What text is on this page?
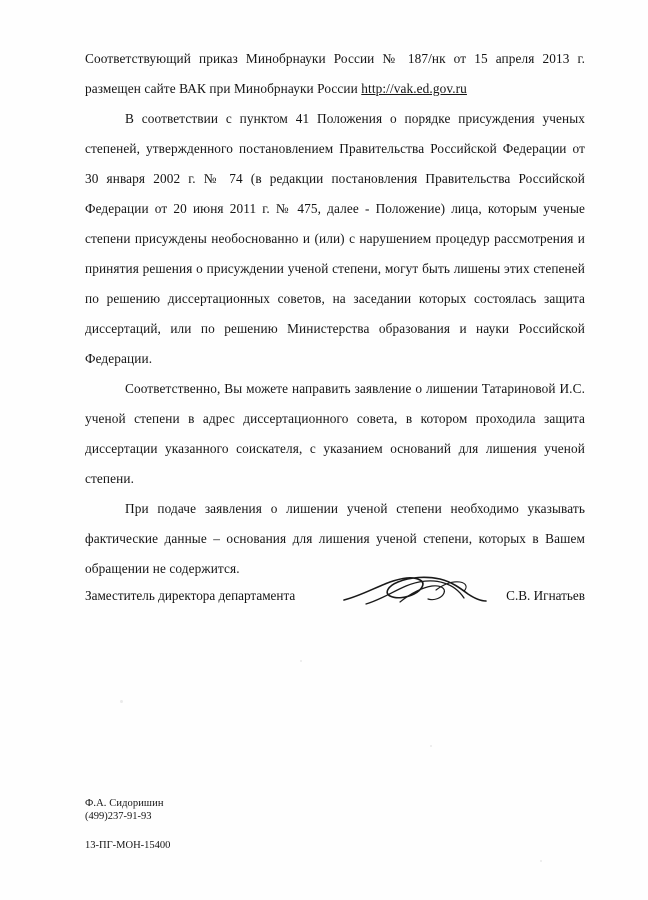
Соответствующий приказ Минобрнауки России № 187/нк от 15 апреля 2013 г. размещен сайте ВАК при Минобрнауки России http://vak.ed.gov.ru

В соответствии с пунктом 41 Положения о порядке присуждения ученых степеней, утвержденного постановлением Правительства Российской Федерации от 30 января 2002 г. № 74 (в редакции постановления Правительства Российской Федерации от 20 июня 2011 г. № 475, далее - Положение) лица, которым ученые степени присуждены необоснованно и (или) с нарушением процедур рассмотрения и принятия решения о присуждении ученой степени, могут быть лишены этих степеней по решению диссертационных советов, на заседании которых состоялась защита диссертаций, или по решению Министерства образования и науки Российской Федерации.

Соответственно, Вы можете направить заявление о лишении Татариновой И.С. ученой степени в адрес диссертационного совета, в котором проходила защита диссертации указанного соискателя, с указанием оснований для лишения ученой степени.

При подаче заявления о лишении ученой степени необходимо указывать фактические данные – основания для лишения ученой степени, которых в Вашем обращении не содержится.

Заместитель директора департамента	С.В. Игнатьев
Ф.А. Сидоришин
(499)237-91-93
13-ПГ-МОН-15400
